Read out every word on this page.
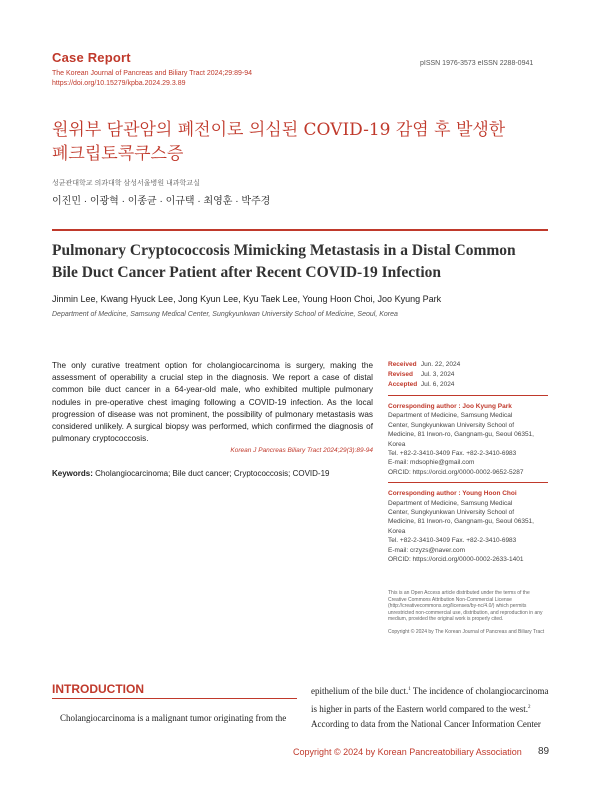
Case Report
The Korean Journal of Pancreas and Biliary Tract 2024;29:89-94
https://doi.org/10.15279/kpba.2024.29.3.89
pISSN 1976-3573 eISSN 2288-0941
원위부 담관암의 폐전이로 의심된 COVID-19 감염 후 발생한
폐크립토콕쿠스증
성균관대학교 의과대학 삼성서울병원 내과학교실
이진민 · 이광혁 · 이종균 · 이규택 · 최영훈 · 박주경
Pulmonary Cryptococcosis Mimicking Metastasis in a Distal Common
Bile Duct Cancer Patient after Recent COVID-19 Infection
Jinmin Lee, Kwang Hyuck Lee, Jong Kyun Lee, Kyu Taek Lee, Young Hoon Choi, Joo Kyung Park
Department of Medicine, Samsung Medical Center, Sungkyunkwan University School of Medicine, Seoul, Korea
The only curative treatment option for cholangiocarcinoma is surgery, making the assessment of operability a crucial step in the diagnosis. We report a case of distal common bile duct cancer in a 64-year-old male, who exhibited multiple pulmonary nodules in pre-operative chest imaging following a COVID-19 infection. As the local progression of disease was not prominent, the possibility of pulmonary metastasis was considered unlikely. A surgical biopsy was performed, which confirmed the diagnosis of pulmonary cryptococcosis.
Korean J Pancreas Biliary Tract 2024;29(3):89-94
Keywords: Cholangiocarcinoma; Bile duct cancer; Cryptococcosis; COVID-19
Received Jun. 22, 2024
Revised Jul. 3, 2024
Accepted Jul. 6, 2024
Corresponding author : Joo Kyung Park
Department of Medicine, Samsung Medical
Center, Sungkyunkwan University School of
Medicine, 81 Irwon-ro, Gangnam-gu, Seoul 06351,
Korea
Tel. +82-2-3410-3409 Fax. +82-2-3410-6983
E-mail: mdsophie@gmail.com
ORCID: https://orcid.org/0000-0002-9652-5287
Corresponding author : Young Hoon Choi
Department of Medicine, Samsung Medical
Center, Sungkyunkwan University School of
Medicine, 81 Irwon-ro, Gangnam-gu, Seoul 06351,
Korea
Tel. +82-2-3410-3409 Fax. +82-2-3410-6983
E-mail: crzyzs@naver.com
ORCID: https://orcid.org/0000-0002-2633-1401
This is an Open Access article distributed under the terms of the Creative Commons Attribution Non-Commercial License (http://creativecommons.org/licenses/by-nc/4.0/) which permits unrestricted non-commercial use, distribution, and reproduction in any medium, provided the original work is properly cited.
Copyright © 2024 by The Korean Journal of Pancreas and Biliary Tract
INTRODUCTION
Cholangiocarcinoma is a malignant tumor originating from the
epithelium of the bile duct.$^1$ The incidence of cholangiocarcinoma
is higher in parts of the Eastern world compared to the west.$^2$
According to data from the National Cancer Information Center
Copyright © 2024 by Korean Pancreatobiliary Association 89
